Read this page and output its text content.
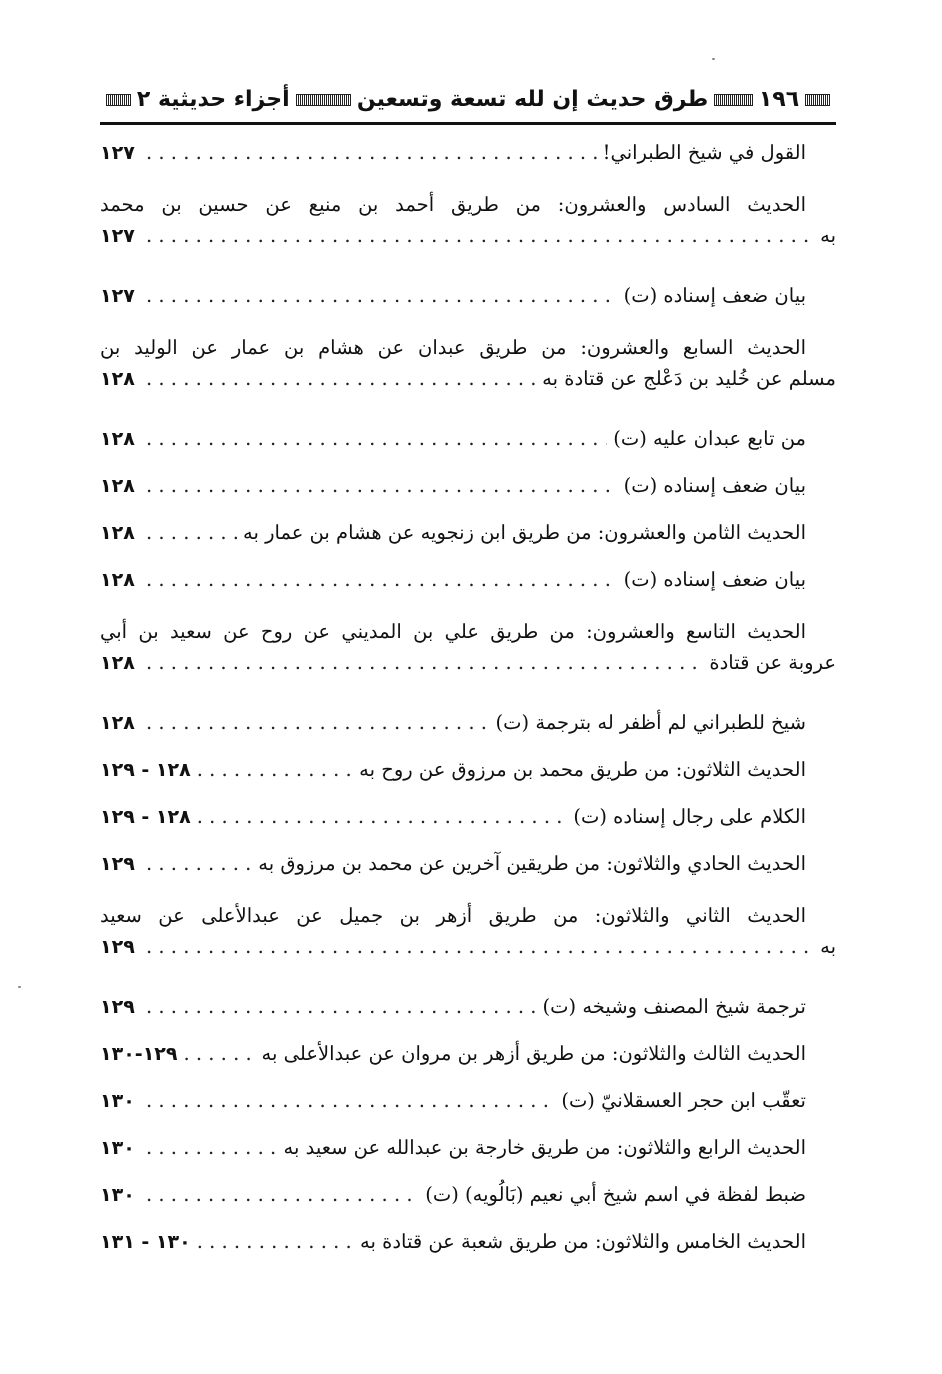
١٩٦
طرق حديث إن لله تسعة وتسعين
أجزاء حديثية ٢
القول في شيخ الطبراني!
. . .
١٢٧
الحديث السادس والعشرون: من طريق أحمد بن منيع عن حسين بن محمد
به
. . .
١٢٧
بيان ضعف إسناده (ت)
. . .
١٢٧
الحديث السابع والعشرون: من طريق عبدان عن هشام بن عمار عن الوليد بن
مسلم عن خُليد بن دَعْلج عن قتادة به
. . .
١٢٨
من تابع عبدان عليه (ت)
. . .
١٢٨
بيان ضعف إسناده (ت)
. . .
١٢٨
الحديث الثامن والعشرون: من طريق ابن زنجويه عن هشام بن عمار به
. . .
١٢٨
بيان ضعف إسناده (ت)
. . .
١٢٨
الحديث التاسع والعشرون: من طريق علي بن المديني عن روح عن سعيد بن أبي
عروبة عن قتادة
. . .
١٢٨
شيخ للطبراني لم أظفر له بترجمة (ت)
. . .
١٢٨
الحديث الثلاثون: من طريق محمد بن مرزوق عن روح به
. . .
١٢٨ - ١٢٩
الكلام على رجال إسناده (ت)
. . .
١٢٨ - ١٢٩
الحديث الحادي والثلاثون: من طريقين آخرين عن محمد بن مرزوق به
. . .
١٢٩
الحديث الثاني والثلاثون: من طريق أزهر بن جميل عن عبدالأعلى عن سعيد
به
. . .
١٢٩
ترجمة شيخ المصنف وشيخه (ت)
. . .
١٢٩
الحديث الثالث والثلاثون: من طريق أزهر بن مروان عن عبدالأعلى به
. . .
١٢٩-١٣٠
تعقّب ابن حجر العسقلانيّ (ت)
. . .
١٣٠
الحديث الرابع والثلاثون: من طريق خارجة بن عبدالله عن سعيد به
. . .
١٣٠
ضبط لفظة في اسم شيخ أبي نعيم (بَالُويه) (ت)
. . .
١٣٠
الحديث الخامس والثلاثون: من طريق شعبة عن قتادة به
. . .
١٣٠ - ١٣١
